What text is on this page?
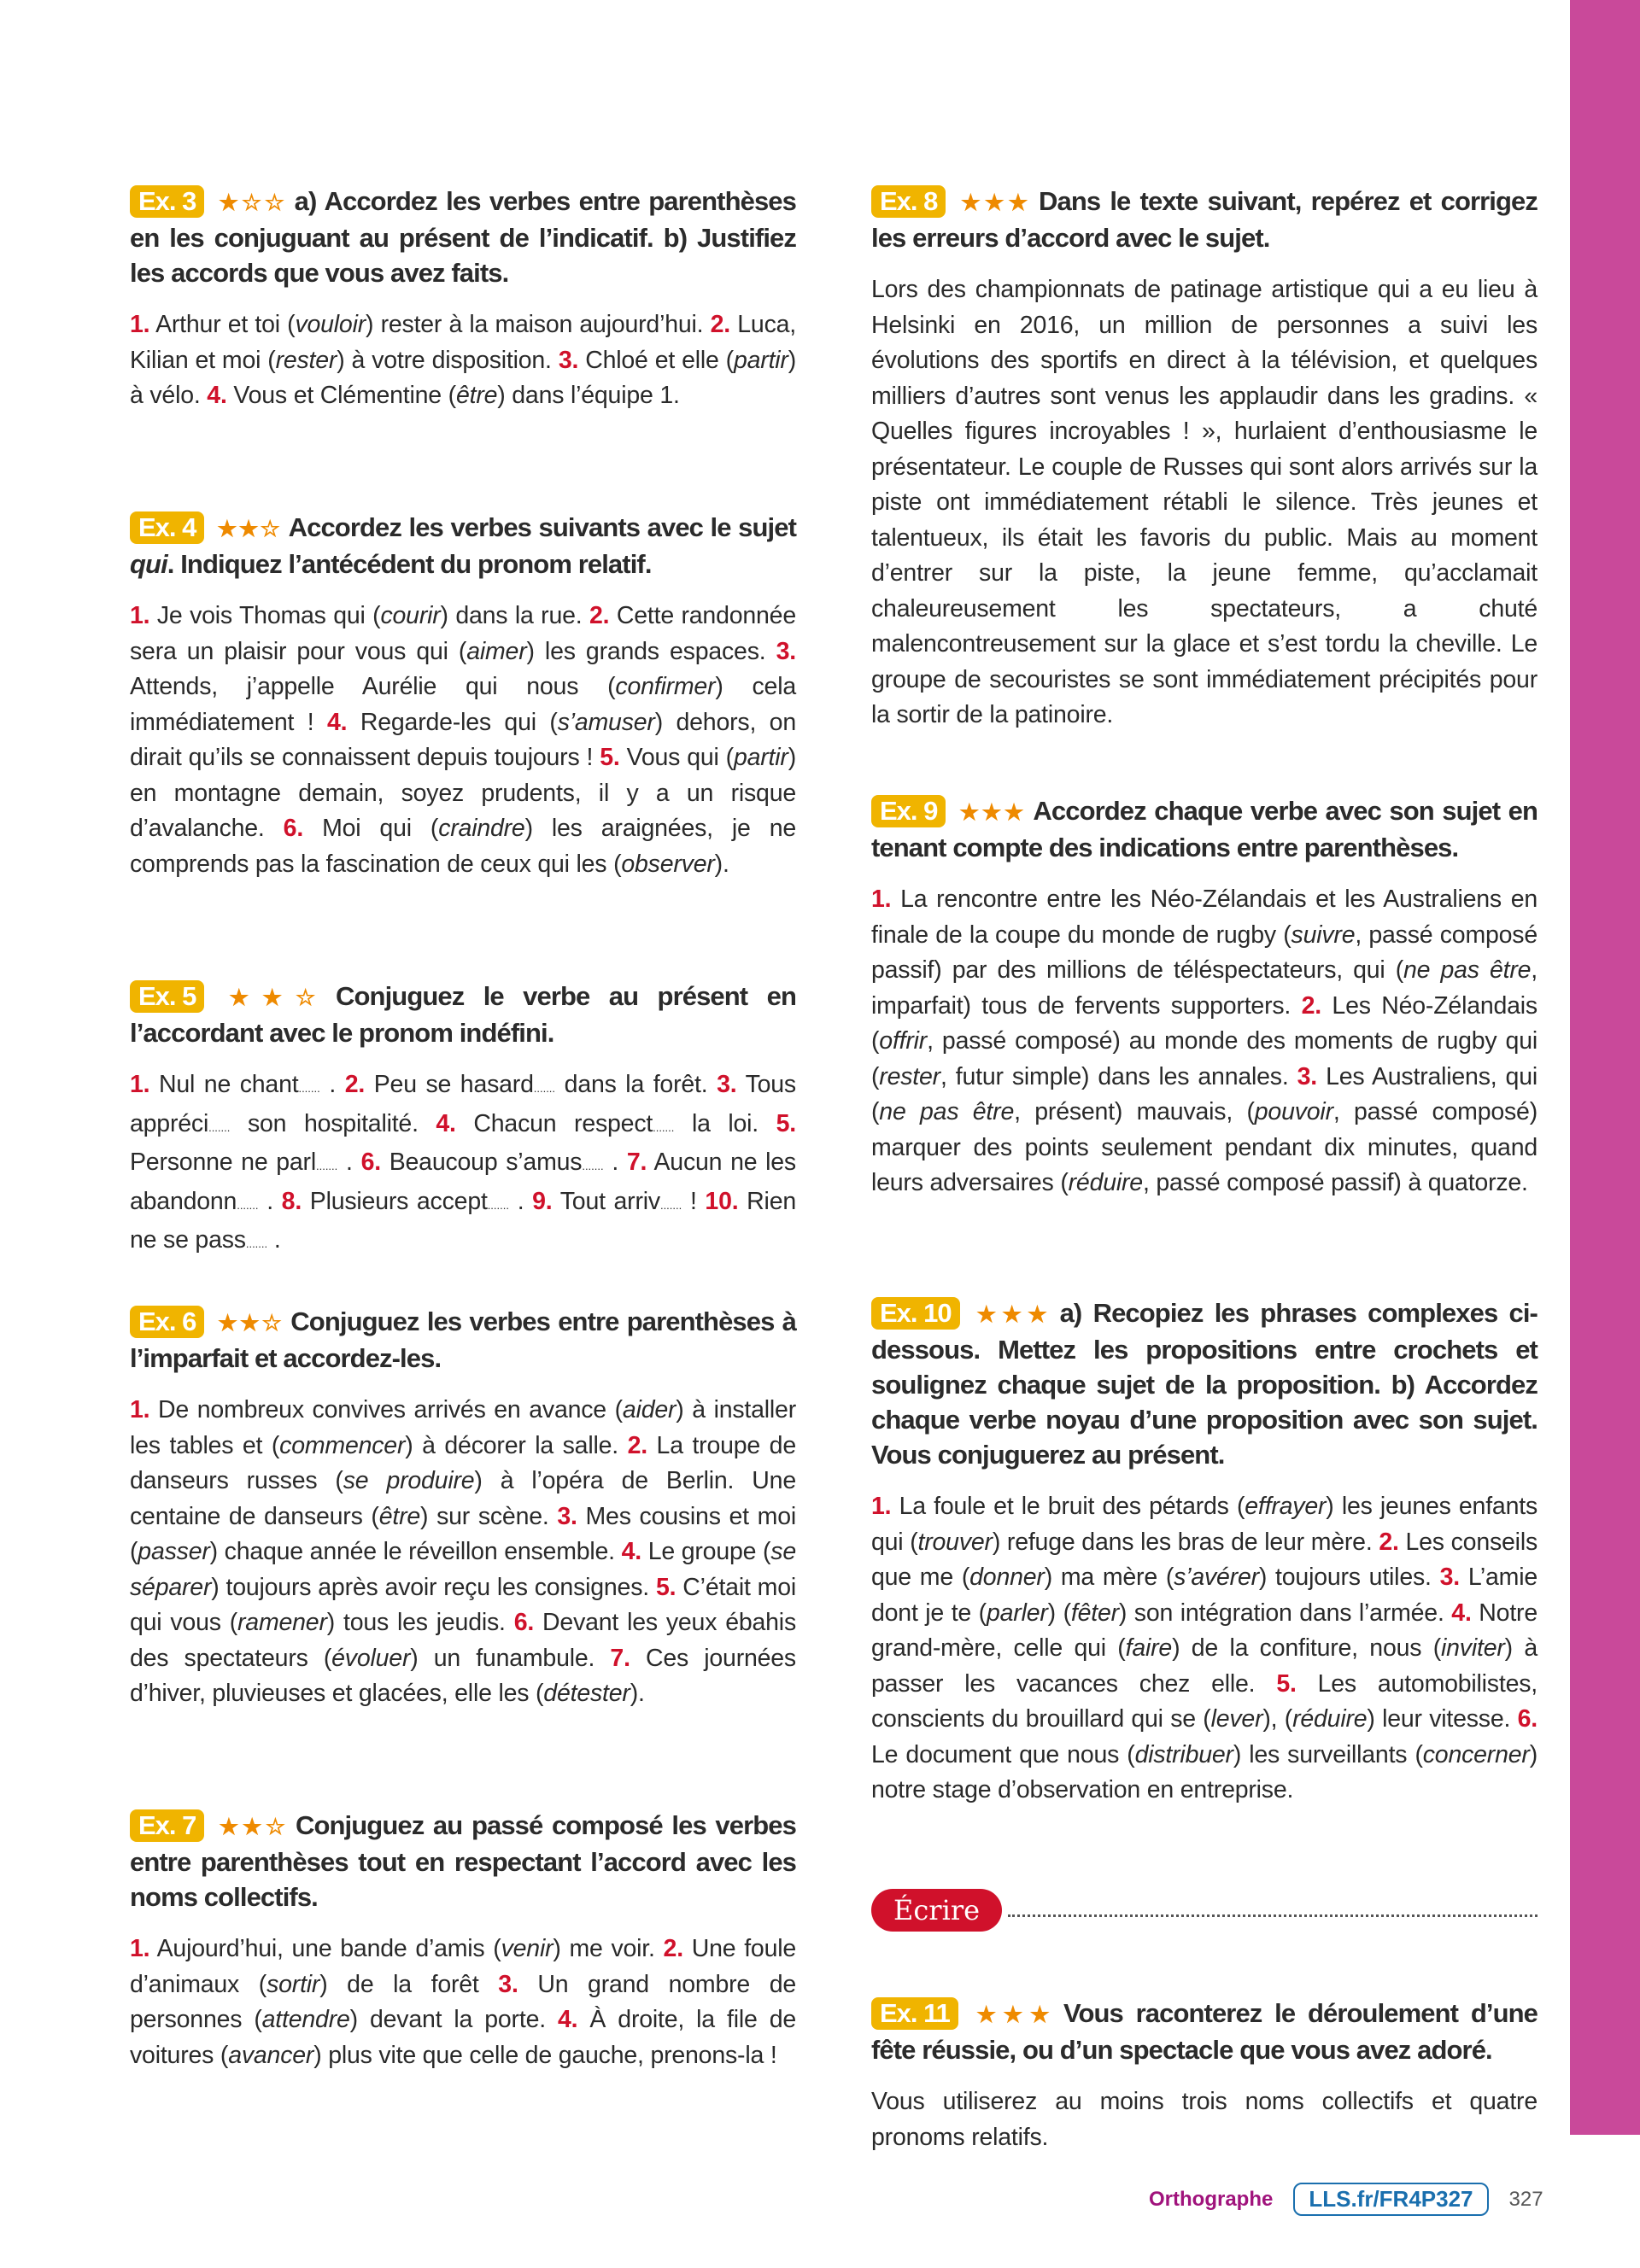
Ex. 3 ★☆☆ a) Accordez les verbes entre parenthèses en les conjuguant au présent de l’indicatif. b) Justifiez les accords que vous avez faits.
1. Arthur et toi (vouloir) rester à la maison aujourd’hui. 2. Luca, Kilian et moi (rester) à votre disposition. 3. Chloé et elle (partir) à vélo. 4. Vous et Clémentine (être) dans l’équipe 1.
Ex. 4 ★★☆ Accordez les verbes suivants avec le sujet qui. Indiquez l’antécédent du pronom relatif.
1. Je vois Thomas qui (courir) dans la rue. 2. Cette randonnée sera un plaisir pour vous qui (aimer) les grands espaces. 3. Attends, j’appelle Aurélie qui nous (confirmer) cela immédiatement ! 4. Regarde-les qui (s’amuser) dehors, on dirait qu’ils se connaissent depuis toujours ! 5. Vous qui (partir) en montagne demain, soyez prudents, il y a un risque d’avalanche. 6. Moi qui (craindre) les araignées, je ne comprends pas la fascination de ceux qui les (observer).
Ex. 5 ★★☆ Conjuguez le verbe au présent en l’accordant avec le pronom indéfini.
1. Nul ne chant....... . 2. Peu se hasard....... dans la forêt. 3. Tous appréci....... son hospitalité. 4. Chacun respect....... la loi. 5. Personne ne parl....... . 6. Beaucoup s’amus....... . 7. Aucun ne les abandonn....... . 8. Plusieurs accept....... . 9. Tout arriv....... ! 10. Rien ne se pass....... .
Ex. 6 ★★☆ Conjuguez les verbes entre parenthèses à l’imparfait et accordez-les.
1. De nombreux convives arrivés en avance (aider) à installer les tables et (commencer) à décorer la salle. 2. La troupe de danseurs russes (se produire) à l’opéra de Berlin. Une centaine de danseurs (être) sur scène. 3. Mes cousins et moi (passer) chaque année le réveillon ensemble. 4. Le groupe (se séparer) toujours après avoir reçu les consignes. 5. C’était moi qui vous (ramener) tous les jeudis. 6. Devant les yeux ébahis des spectateurs (évoluer) un funambule. 7. Ces journées d’hiver, pluvieuses et glacées, elle les (détester).
Ex. 7 ★★☆ Conjuguez au passé composé les verbes entre parenthèses tout en respectant l’accord avec les noms collectifs.
1. Aujourd’hui, une bande d’amis (venir) me voir. 2. Une foule d’animaux (sortir) de la forêt 3. Un grand nombre de personnes (attendre) devant la porte. 4. À droite, la file de voitures (avancer) plus vite que celle de gauche, prenons-la !
Ex. 8 ★★★ Dans le texte suivant, repérez et corrigez les erreurs d’accord avec le sujet.
Lors des championnats de patinage artistique qui a eu lieu à Helsinki en 2016, un million de personnes a suivi les évolutions des sportifs en direct à la télévision, et quelques milliers d’autres sont venus les applaudir dans les gradins. « Quelles figures incroyables ! », hurlaient d’enthousiasme le présentateur. Le couple de Russes qui sont alors arrivés sur la piste ont immédiatement rétabli le silence. Très jeunes et talentueux, ils était les favoris du public. Mais au moment d’entrer sur la piste, la jeune femme, qu’acclamait chaleureusement les spectateurs, a chuté malencontreusement sur la glace et s’est tordu la cheville. Le groupe de secouristes se sont immédiatement précipités pour la sortir de la patinoire.
Ex. 9 ★★★ Accordez chaque verbe avec son sujet en tenant compte des indications entre parenthèses.
1. La rencontre entre les Néo-Zélandais et les Australiens en finale de la coupe du monde de rugby (suivre, passé composé passif) par des millions de téléspectateurs, qui (ne pas être, imparfait) tous de fervents supporters. 2. Les Néo-Zélandais (offrir, passé composé) au monde des moments de rugby qui (rester, futur simple) dans les annales. 3. Les Australiens, qui (ne pas être, présent) mauvais, (pouvoir, passé composé) marquer des points seulement pendant dix minutes, quand leurs adversaires (réduire, passé composé passif) à quatorze.
Ex. 10 ★★★ a) Recopiez les phrases complexes ci-dessous. Mettez les propositions entre crochets et soulignez chaque sujet de la proposition. b) Accordez chaque verbe noyau d’une proposition avec son sujet. Vous conjuguerez au présent.
1. La foule et le bruit des pétards (effrayer) les jeunes enfants qui (trouver) refuge dans les bras de leur mère. 2. Les conseils que me (donner) ma mère (s’avérer) toujours utiles. 3. L’amie dont je te (parler) (fêter) son intégration dans l’armée. 4. Notre grand-mère, celle qui (faire) de la confiture, nous (inviter) à passer les vacances chez elle. 5. Les automobilistes, conscients du brouillard qui se (lever), (réduire) leur vitesse. 6. Le document que nous (distribuer) les surveillants (concerner) notre stage d’observation en entreprise.
Ex. 11 ★★★ Vous raconterez le déroulement d’une fête réussie, ou d’un spectacle que vous avez adoré.
Vous utiliserez au moins trois noms collectifs et quatre pronoms relatifs.
Écrire
Orthographe	LLS.fr/FR4P327	327
